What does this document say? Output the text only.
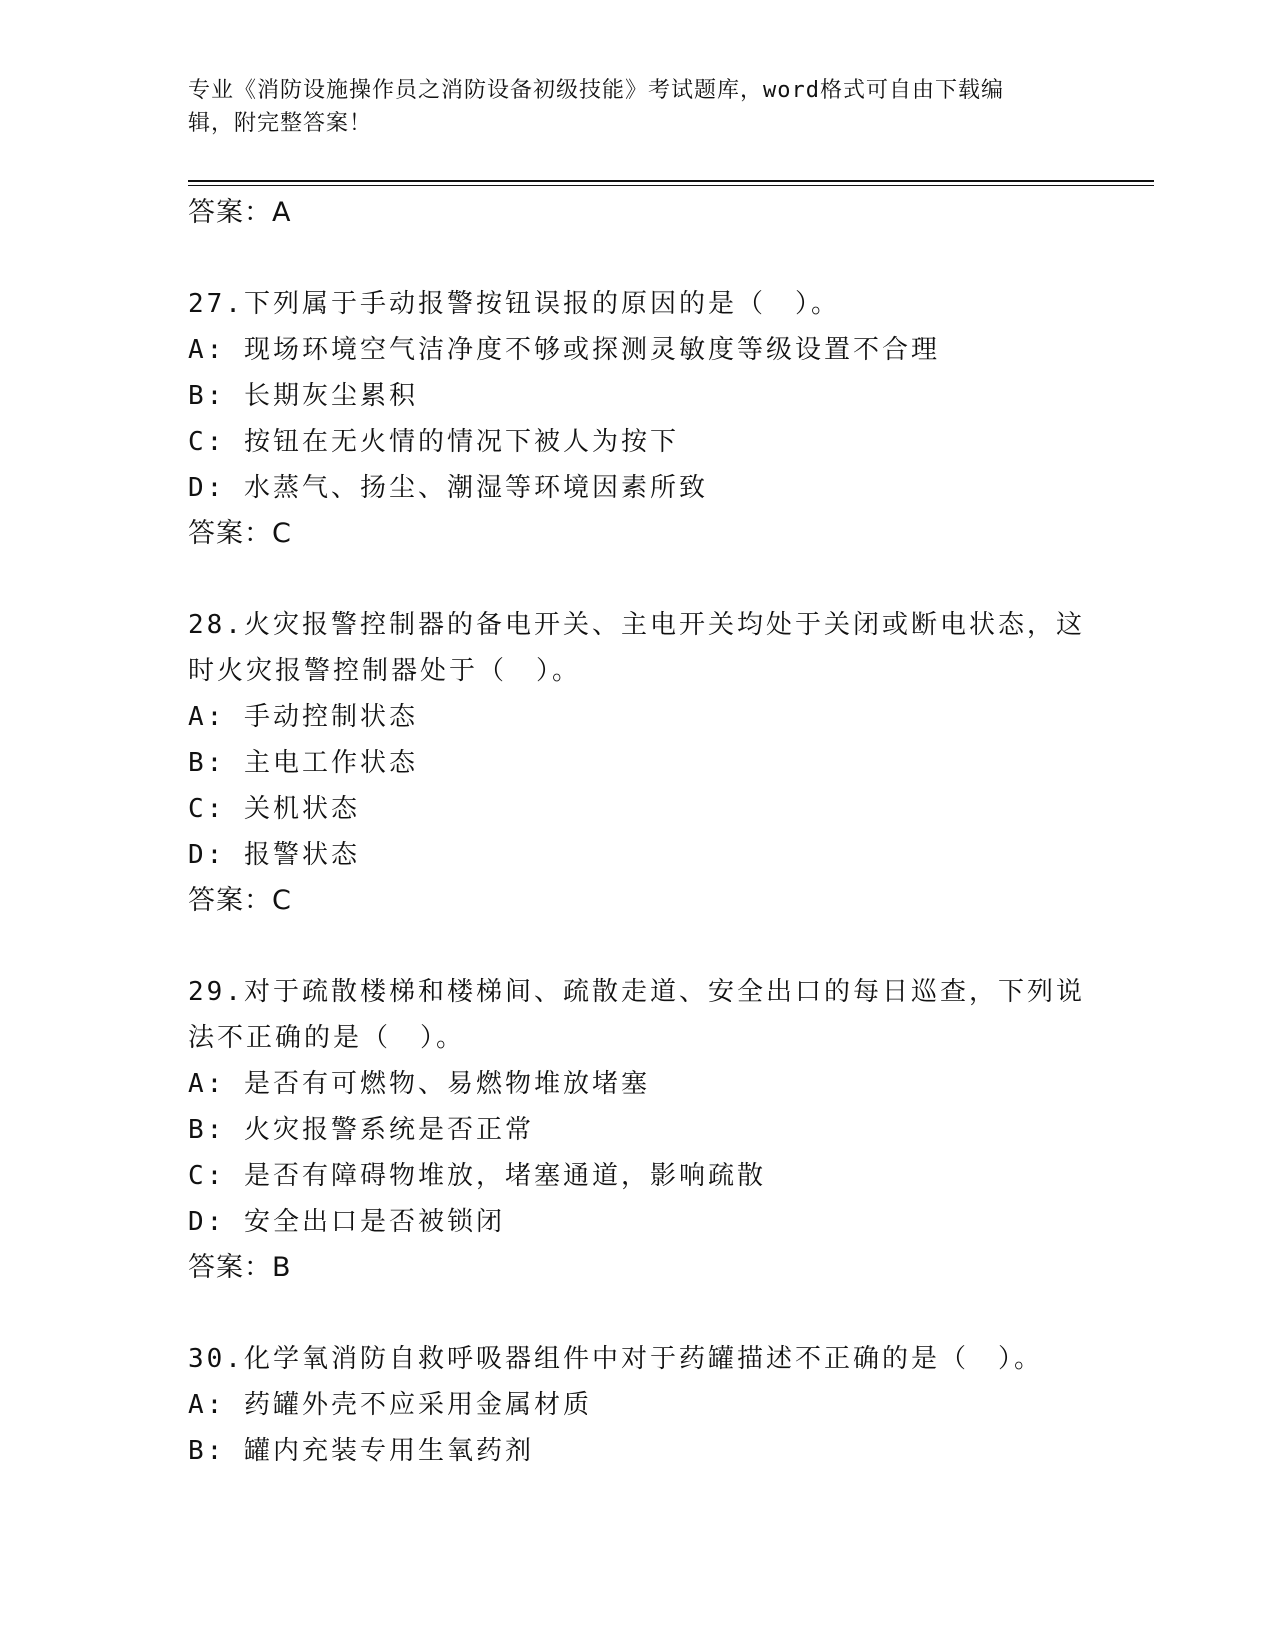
专业《消防设施操作员之消防设备初级技能》考试题库，word格式可自由下载编
辑，附完整答案！
答案：A
27.下列属于手动报警按钮误报的原因的是（　）。
A: 现场环境空气洁净度不够或探测灵敏度等级设置不合理
B: 长期灰尘累积
C: 按钮在无火情的情况下被人为按下
D: 水蒸气、扬尘、潮湿等环境因素所致
答案：C
28.火灾报警控制器的备电开关、主电开关均处于关闭或断电状态，这
时火灾报警控制器处于（　）。
A: 手动控制状态
B: 主电工作状态
C: 关机状态
D: 报警状态
答案：C
29.对于疏散楼梯和楼梯间、疏散走道、安全出口的每日巡查，下列说
法不正确的是（　）。
A: 是否有可燃物、易燃物堆放堵塞
B: 火灾报警系统是否正常
C: 是否有障碍物堆放，堵塞通道，影响疏散
D: 安全出口是否被锁闭
答案：B
30.化学氧消防自救呼吸器组件中对于药罐描述不正确的是（　）。
A: 药罐外壳不应采用金属材质
B: 罐内充装专用生氧药剂
